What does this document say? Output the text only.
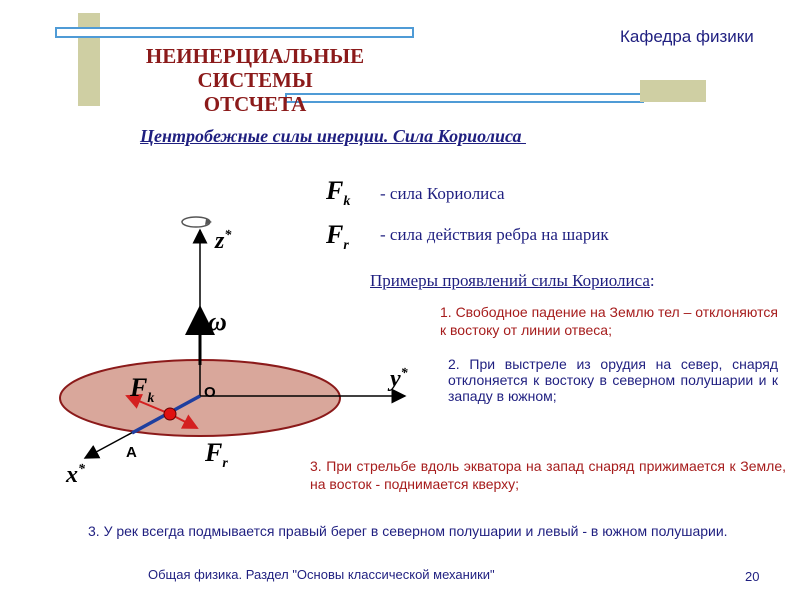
Кафедра физики
НЕИНЕРЦИАЛЬНЫЕ СИСТЕМЫ
ОТСЧЕТА
Центробежные силы инерции. Сила Кориолиса
$F_k$ - сила Кориолиса
$F_r$
- сила действия ребра на шарик
z*
ω
y*
x*
O
A
$F_k$
$F_r$
Примеры проявлений силы Кориолиса:
1. Свободное падение на Землю тел – отклоняются к востоку от линии отвеса;
2. При выстреле из орудия на север, снаряд отклоняется к востоку в северном полушарии и к западу в южном;
3. При стрельбе вдоль экватора на запад снаряд прижимается к Земле, на восток - поднимается кверху;
3. У рек всегда подмывается правый берег в северном полушарии и левый - в южном полушарии.
Общая физика. Раздел "Основы классической механики"	20
